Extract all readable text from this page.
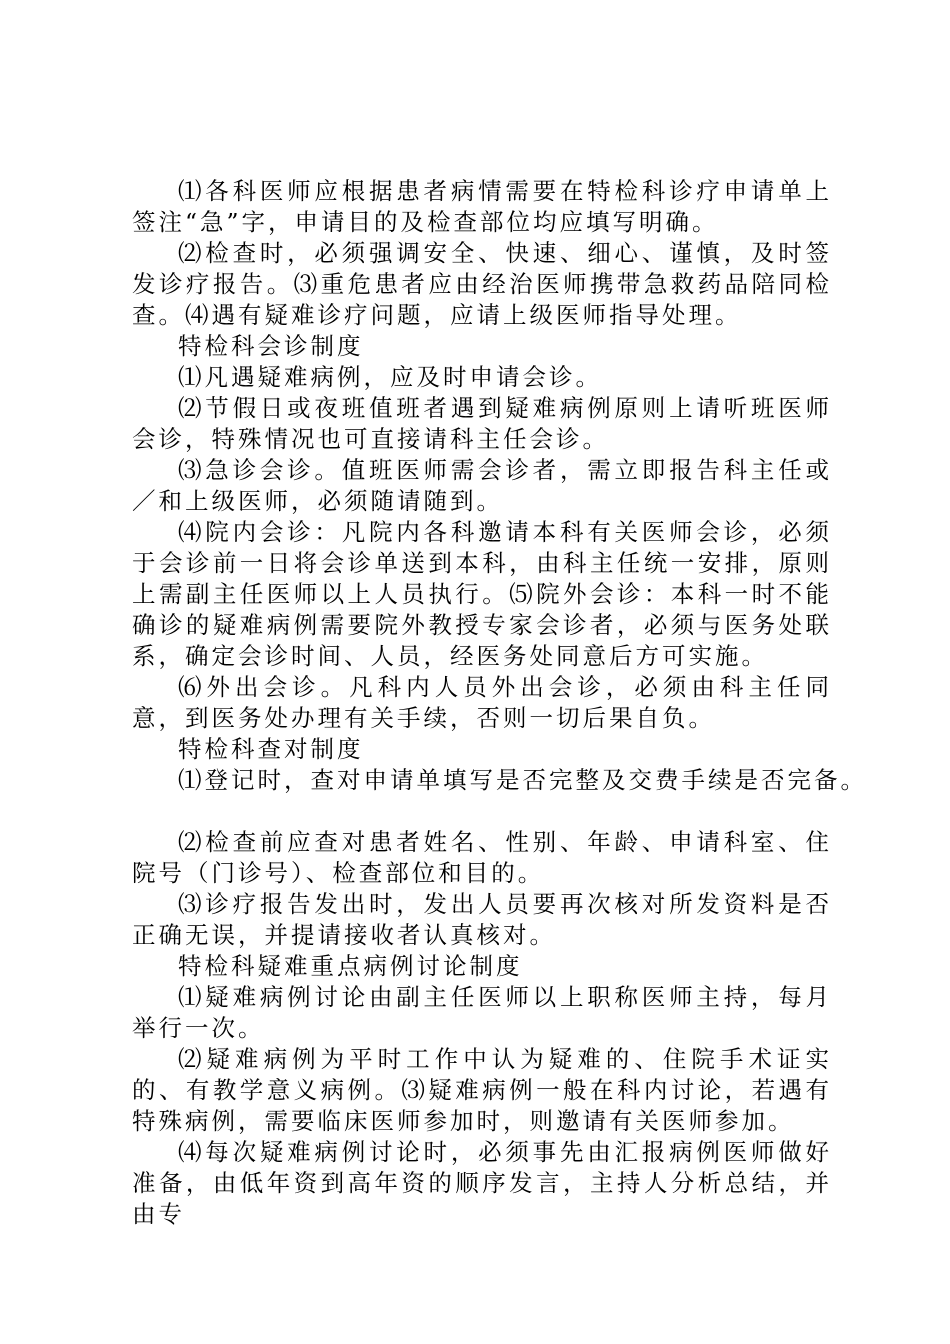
⑴各科医师应根据患者病情需要在特检科诊疗申请单上签注“急”字，申请目的及检查部位均应填写明确。

⑵检查时，必须强调安全、快速、细心、谨慎，及时签发诊疗报告。⑶重危患者应由经治医师携带急救药品陪同检查。⑷遇有疑难诊疗问题，应请上级医师指导处理。

特检科会诊制度

⑴凡遇疑难病例，应及时申请会诊。

⑵节假日或夜班值班者遇到疑难病例原则上请听班医师会诊，特殊情况也可直接请科主任会诊。

⑶急诊会诊。值班医师需会诊者，需立即报告科主任或／和上级医师，必须随请随到。

⑷院内会诊：凡院内各科邀请本科有关医师会诊，必须于会诊前一日将会诊单送到本科，由科主任统一安排，原则上需副主任医师以上人员执行。⑸院外会诊：本科一时不能确诊的疑难病例需要院外教授专家会诊者，必须与医务处联系，确定会诊时间、人员，经医务处同意后方可实施。

⑹外出会诊。凡科内人员外出会诊，必须由科主任同意，到医务处办理有关手续，否则一切后果自负。

特检科查对制度

⑴登记时，查对申请单填写是否完整及交费手续是否完备。

⑵检查前应查对患者姓名、性别、年龄、申请科室、住院号（门诊号）、检查部位和目的。

⑶诊疗报告发出时，发出人员要再次核对所发资料是否正确无误，并提请接收者认真核对。

特检科疑难重点病例讨论制度

⑴疑难病例讨论由副主任医师以上职称医师主持，每月举行一次。

⑵疑难病例为平时工作中认为疑难的、住院手术证实的、有教学意义病例。⑶疑难病例一般在科内讨论，若遇有特殊病例，需要临床医师参加时，则邀请有关医师参加。

⑷每次疑难病例讨论时，必须事先由汇报病例医师做好准备，由低年资到高年资的顺序发言，主持人分析总结，并由专
